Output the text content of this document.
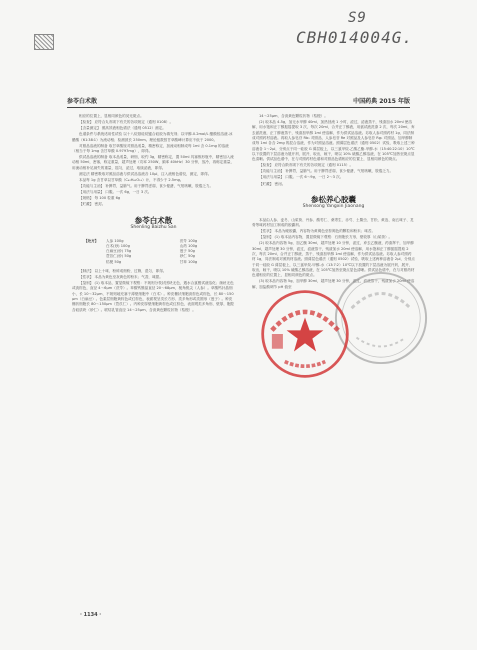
S9
CBH014004G.
参苓白术散	中国药典 2015 年版

相应的位置上，显相同颜色的荧光斑点。

【检查】 应符合丸剂项下有关的各项规定（通则 0108）。

【含量测定】 照高效液相色谱法（通则 0512）测定。

色谱条件与系统适用性试验 以十八烷基硅烷键合硅胶为填充剂；以甲醇-0.2mol/L 醋酸铵溶液-冰醋酸（61∶38∶1）为流动相；检测波长 250nm。理论板数按甘草酸峰计算应不低于 2000。

对照品溶液的制备 取甘草酸铵对照品适量，精密称定，加流动相制成每 1ml 含 0.1mg 的溶液（相当于每 1mg 含甘草酸 0.9797mg），即得。

供试品溶液的制备 取本品适量，研细，取约 3g，精密称定，置 50ml 具塞锥形瓶中，精密加入流动相 50ml，密塞，称定重量，超声处理（功率 250W，频率 40kHz）30 分钟，放冷，再称定重量，用流动相补足减失的重量，摇匀，滤过，取续滤液，即得。

测定法 精密吸取对照品溶液与供试品溶液各 10μl，注入液相色谱仪，测定，即得。

本品每 1g 含甘草以甘草酸（C₄₂H₆₂O₁₆）计，不得少于 2.5mg。

【功能与主治】 补脾胃，益肺气。用于脾胃虚弱，食少便溏，气短咳嗽，肢倦乏力。

【用法与用量】 口服。一次 6g，一日 3 次。

【规格】 每 100 粒重 6g

【贮藏】 密封。

参苓白术散
Shenling Baizhu San
【处方】	人参 100g	茯苓 100g
	白术(炒) 100g	山药 100g
	白扁豆(炒) 75g	莲子 50g
	薏苡仁(炒) 50g	砂仁 50g
	桔梗 50g	甘草 100g

【制法】 以上十味，粉碎成细粉，过筛，混匀，即得。

【性状】 本品为黄色至灰黄色的粉末；气香，味甜。

【鉴别】 (1) 取本品，置显微镜下观察：不规则分枝状团块无色，遇水合氯醛试液溶化；菌丝无色或淡棕色，直径 4～6μm（茯苓）。草酸钙簇晶直径 20～68μm，棱角锐尖（人参）。草酸钙针晶细小，长 10～32μm，不规则地充塞于薄壁细胞中（白术）。种皮栅状细胞淡棕色或棕色，长 80～150μm（白扁豆）。色素层细胞黄棕色或红棕色，表面观呈类长方形、类多角形或类圆形（莲子）。种皮栅状细胞长 80～150μm（薏苡仁）。内种皮厚壁细胞黄棕色或红棕色，表面观类多角形，壁厚，胞腔含硅质块（砂仁）。联结乳管直径 14～25μm，含淡黄色颗粒状物（桔梗）。

14～25μm，含淡黄色颗粒状物（桔梗）。

(2) 取本品 4.5g，加无水甲醇 40ml，加热回流 1 小时，滤过，滤液蒸干，残渣加水 20ml 使溶解，用水饱和正丁醇振摇提取 3 次，每次 20ml，合并正丁醇液，用氨试液洗涤 2 次，每次 20ml，弃去氨洗液，正丁醇液蒸干，残渣加甲醇 1ml 使溶解，作为供试品溶液。另取人参对照药材 1g，同法制成对照药材溶液。再取人参皂苷 Rb₁ 对照品、人参皂苷 Re 对照品及人参皂苷 Rg₁ 对照品，加甲醇制成每 1ml 各含 2mg 的混合溶液，作为对照品溶液。照薄层色谱法（通则 0502）试验，吸取上述三种溶液各 1～2μl，分别点于同一硅胶 G 薄层板上，以三氯甲烷-乙酸乙酯-甲醇-水（15∶40∶22∶10）10℃以下放置的下层溶液为展开剂，展开，取出，晾干，喷以 10% 硫酸乙醇溶液，在 105℃加热至斑点显色清晰。供试品色谱中，在与对照药材色谱和对照品色谱相应的位置上，显相同颜色的斑点。

【检查】 应符合散剂项下有关的各项规定（通则 0115）。

【功能与主治】 补脾胃，益肺气。用于脾胃虚弱，食少便溏，气短咳嗽，肢倦乏力。

【用法与用量】 口服。一次 6～9g，一日 2～3 次。

【贮藏】 密闭。

参松养心胶囊
Shensong Yangxin Jiaonang

本品由人参、麦冬、山茱萸、丹参、酸枣仁、桑寄生、赤芍、土鳖虫、甘松、黄连、南五味子、龙骨等味药材加工制成的胶囊剂。

【性状】 本品为硬胶囊，内容物为黄褐色至棕褐色的颗粒和粉末；味苦。

【鉴别】 (1) 取本品内容物，置显微镜下观察：石细胞长方形，壁较厚（山茱萸）。

(2) 取本品内容物 5g，加乙醚 30ml，超声处理 10 分钟，滤过，弃去乙醚液，药渣挥干，加甲醇 30ml，超声处理 30 分钟，滤过，滤液蒸干，残渣加水 20ml 使溶解，用水饱和正丁醇振摇提取 2 次，每次 20ml，合并正丁醇液，蒸干，残渣加甲醇 1ml 使溶解，作为供试品溶液。另取人参对照药材 1g，同法制成对照药材溶液。照薄层色谱法（通则 0502）试验，吸取上述两种溶液各 2μl，分别点于同一硅胶 G 薄层板上，以三氯甲烷-甲醇-水（13∶7∶2）10℃以下放置的下层溶液为展开剂，展开，取出，晾干，喷以 10% 硫酸乙醇溶液，在 105℃加热至斑点显色清晰。供试品色谱中，在与对照药材色谱相应的位置上，显相同颜色的斑点。

(3) 取本品内容物 5g，加甲醇 30ml，超声处理 30 分钟，滤过，滤液蒸干，残渣加水 20ml 使溶解，加盐酸调节 pH 值至

· 1134 ·
